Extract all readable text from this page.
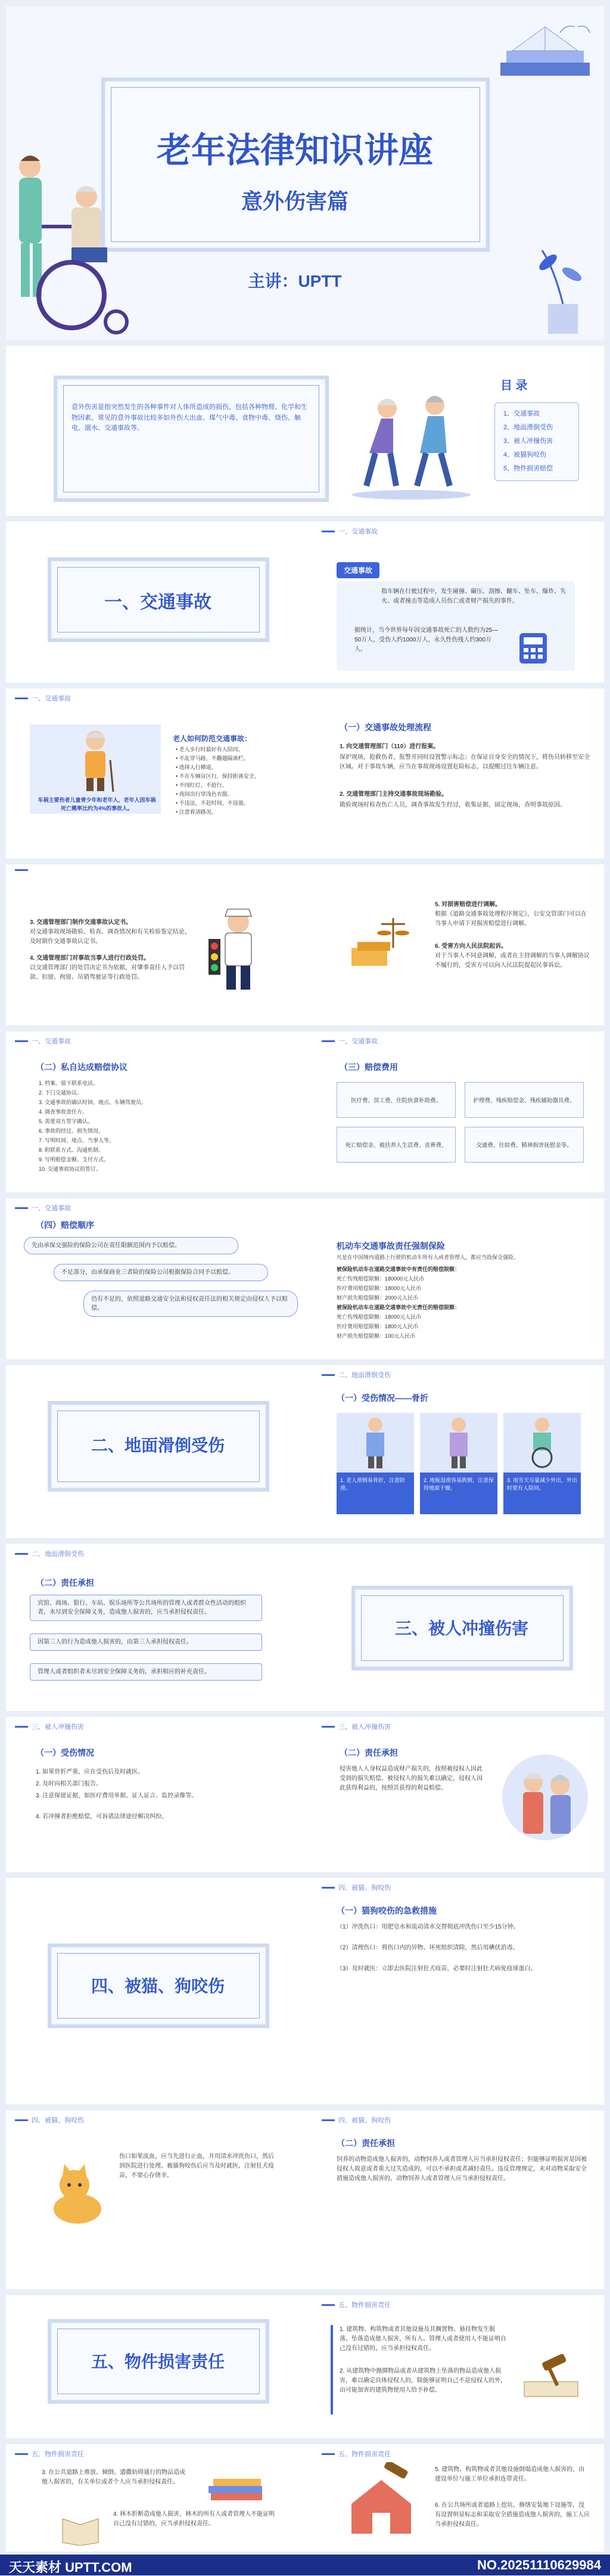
老年法律知识讲座
意外伤害篇
主讲：UPTT
意外伤害是指突然发生的各种事件对人体所造成的损伤，包括各种物理、化学和生物因素。常见的意外事故比较多如外伤大出血、煤气中毒、食物中毒、烧伤、触电、溺水、交通事故等。
目 录
1、交通事故
2、地面滑倒受伤
3、被人冲撞伤害
4、被猫狗咬伤
5、物件损害赔偿
一、交通事故
一、交通事故
交通事故
指车辆在行驶过程中，发生碰撞、碾压、刮擦、翻车、坠车、爆炸、失火、或者撞击等造成人员伤亡或者财产损失的事件。
据统计，当今世界每年因交通事故死亡的人数约为25—50万人，受伤人约1000万人，永久性伤残人约300万人。
一、交通事故
车祸主要伤者儿童青少年和老年人，老年人因车祸死亡概率比约为4%的事故人。
老人如何防范交通事故：
• 老人步行时最好有人陪同。
• 不乱穿马路，不翻越隔离栏。
• 选择人行横道。
• 不在车辆盲区行，保持距离安全。
• 不闯红灯，不抢行。
• 夜间出行穿浅色衣服。
• 不违法，不赶时间，不逞强。
• 注意看清路况。
（一）交通事故处理流程
1. 向交通管理部门（110）进行报案。
保护现场，抢救伤者，报警并同时设置警示标志；在保证自身安全的情况下，将伤员转移至安全区域。对于事故车辆，应当在事故现场设置危险标志，以提醒过往车辆注意。
2. 交通管理部门主持交通事故现场勘验。
勘验现场时检查伤亡人员，调查事故发生经过，收集证据，固定现场，查明事故原因。
3. 交通管理部门制作交通事故认定书。
对交通事故现场勘验、检查、调查情况和有关检验鉴定结论，及时制作交通事故认定书。
4. 交通管理部门对事故当事人进行行政处罚。
以交通管理部门的处罚决定书为依据，对肇事责任人予以罚款、扣留、拘留、吊销驾驶证等行政处罚。
5. 对损害赔偿进行调解。
根据《道路交通事故处理程序规定》，公安交管部门可以在当事人申请下对损害赔偿进行调解。
6. 受害方向人民法院起诉。
对于当事人不同意调解，或者在主持调解的当事人调解协议不履行的，受害方可以向人民法院提起民事诉讼。
一、交通事故	一、交通事故
（二）私自达成赔偿协议
1. 档案、留下联系电话。
2. 下门交通协议。
3. 交通事故的确认时间、地点、车辆驾驶员。
4. 调查事故责任方。
5. 需要双方签字确认。
6. 事故的经过、损失情况。
7. 写明时间、地点、当事人等。
8. 附联系方式、沟通机制。
9. 写明赔偿金额、支付方式。
10. 交通事故协议的签订。
（三）赔偿费用
医疗费、误工费、住院伙食补助费。	护理费、残疾赔偿金、残疾辅助器具费。
死亡赔偿金、被扶养人生活费、丧葬费。	交通费、住宿费、精神损害抚慰金等。
一、交通事故
（四）赔偿顺序
先由承保交强险的保险公司在责任限额范围内予以赔偿。
不足部分，由承保商业三者险的保险公司根据保险合同予以赔偿。
仍有不足的，依照道路交通安全法和侵权责任法的相关规定由侵权人予以赔偿。
机动车交通事故责任强制保险
凡是在中国境内道路上行驶的机动车所有人或者管理人，都应当投保交强险。
被保险机动车在道路交通事故中有责任的赔偿限额：
死亡伤残赔偿限额：180000元人民币
医疗费用赔偿限额：18000元人民币
财产损失赔偿限额：2000元人民币
被保险机动车在道路交通事故中无责任的赔偿限额：
死亡伤残赔偿限额：18000元人民币
医疗费用赔偿限额：1800元人民币
财产损失赔偿限额：100元人民币
二、地面滑倒受伤
二、地面滑倒受伤
（一）受伤情况——骨折
1. 老人滑倒易骨折，注意防滑。
2. 地板湿滑容易跌倒，注意保持地面干燥。
3. 雨雪天尽量减少外出，外出时要有人陪同。
二、地面滑倒受伤
（二）责任承担
宾馆、商场、银行、车站、娱乐场所等公共场所的管理人或者群众性活动的组织者，未尽到安全保障义务，造成他人损害的，应当承担侵权责任。
因第三人的行为造成他人损害的，由第三人承担侵权责任。
管理人或者组织者未尽到安全保障义务的，承担相应的补充责任。
三、被人冲撞伤害
三、被人冲撞伤害	三、被人冲撞伤害
（一）受伤情况
1. 如果骨折严重，应在受伤后及时就医。
2. 及时向相关部门报告。
3. 注意保留证据，如医疗费用单据、证人证言、监控录像等。
4. 若冲撞者拒绝赔偿，可诉诸法律途径解决纠纷。
（二）责任承担
侵害他人人身权益造成财产损失的，按照被侵权人因此受到的损失赔偿。被侵权人的损失难以确定，侵权人因此获得利益的，按照其获得的利益赔偿。
四、被猫、狗咬伤
四、被猫、狗咬伤
（一）猫狗咬伤的急救措施
（1）冲洗伤口：用肥皂水和流动清水交替彻底冲洗伤口至少15分钟。
（2）清理伤口：将伤口内的异物、坏死组织清除，然后用碘伏消毒。
（3）及时就医：立即去医院注射狂犬疫苗，必要时注射狂犬病免疫球蛋白。
四、被猫、狗咬伤
伤口如果流血，应当先进行止血，并用清水冲洗伤口，然后到医院进行处理。被猫狗咬伤后应当及时就医，注射狂犬疫苗，不要心存侥幸。
四、被猫、狗咬伤
（二）责任承担
饲养的动物造成他人损害的，动物饲养人或者管理人应当承担侵权责任；但能够证明损害是因被侵权人故意或者重大过失造成的，可以不承担或者减轻责任。违反管理规定，未对动物采取安全措施造成他人损害的，动物饲养人或者管理人应当承担侵权责任。
五、物件损害责任
五、物件损害责任
1. 建筑物、构筑物或者其他设施及其搁置物、悬挂物发生脱落、坠落造成他人损害，所有人、管理人或者使用人不能证明自己没有过错的，应当承担侵权责任。
2. 从建筑物中抛掷物品或者从建筑物上坠落的物品造成他人损害，难以确定具体侵权人的，除能够证明自己不是侵权人的外，由可能加害的建筑物使用人给予补偿。
五、物件损害责任
3. 在公共道路上堆放、倾倒、遗撒妨碍通行的物品造成他人损害的，有关单位或者个人应当承担侵权责任。
4. 林木折断造成他人损害，林木的所有人或者管理人不能证明自己没有过错的，应当承担侵权责任。
五、物件损害责任
5. 建筑物、构筑物或者其他设施倒塌造成他人损害的，由建设单位与施工单位承担连带责任。
6. 在公共场所或者道路上挖坑、修缮安装地下设施等，没有设置明显标志和采取安全措施造成他人损害的，施工人应当承担侵权责任。
天天素材 UPTT.COM	NO.20251110629984
